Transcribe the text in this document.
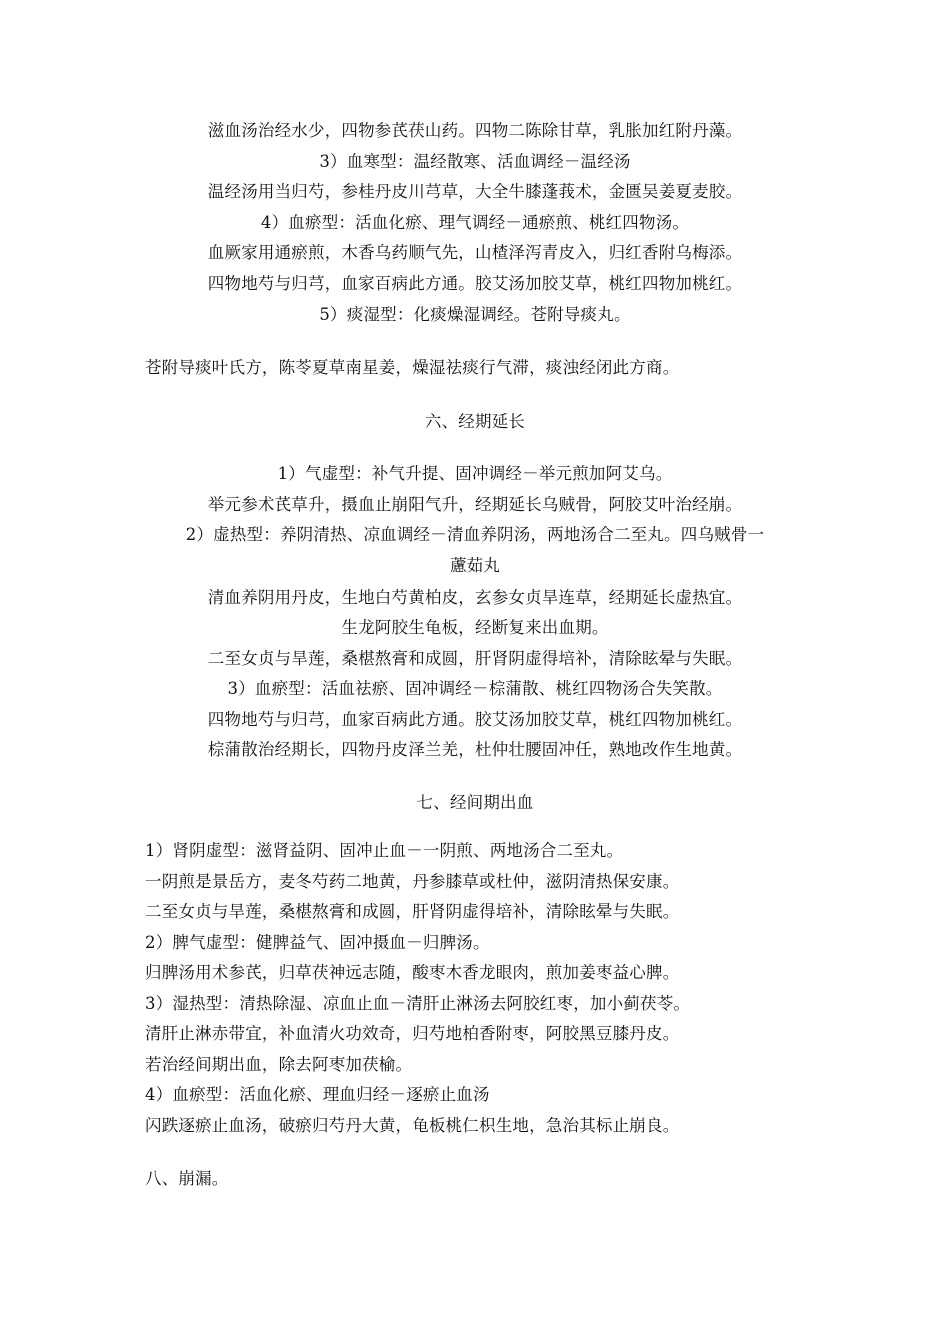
滋血汤治经水少，四物参芪茯山药。四物二陈除甘草，乳胀加红附丹藻。
3）血寒型：温经散寒、活血调经－温经汤
温经汤用当归芍，参桂丹皮川芎草，大全牛膝蓬莪术，金匮吴姜夏麦胶。
4）血瘀型：活血化瘀、理气调经－通瘀煎、桃红四物汤。
血厥家用通瘀煎，木香乌药顺气先，山楂泽泻青皮入，归红香附乌梅添。
四物地芍与归芎，血家百病此方通。胶艾汤加胶艾草，桃红四物加桃红。
5）痰湿型：化痰燥湿调经。苍附导痰丸。
苍附导痰叶氏方，陈苓夏草南星姜，燥湿祛痰行气滞，痰浊经闭此方商。
六、经期延长
1）气虚型：补气升提、固冲调经－举元煎加阿艾乌。
举元参术芪草升，摄血止崩阳气升，经期延长乌贼骨，阿胶艾叶治经崩。
2）虚热型：养阴清热、凉血调经－清血养阴汤，两地汤合二至丸。四乌贼骨一
藘茹丸
清血养阴用丹皮，生地白芍黄柏皮，玄参女贞旱连草，经期延长虚热宜。
生龙阿胶生龟板，经断复来出血期。
二至女贞与旱莲，桑椹熬膏和成圆，肝肾阴虚得培补，清除眩晕与失眠。
3）血瘀型：活血祛瘀、固冲调经－棕蒲散、桃红四物汤合失笑散。
四物地芍与归芎，血家百病此方通。胶艾汤加胶艾草，桃红四物加桃红。
棕蒲散治经期长，四物丹皮泽兰羌，杜仲壮腰固冲任，熟地改作生地黄。
七、经间期出血
1）肾阴虚型：滋肾益阴、固冲止血－一阴煎、两地汤合二至丸。
一阴煎是景岳方，麦冬芍药二地黄，丹参膝草或杜仲，滋阴清热保安康。
二至女贞与旱莲，桑椹熬膏和成圆，肝肾阴虚得培补，清除眩晕与失眠。
2）脾气虚型：健脾益气、固冲摄血－归脾汤。
归脾汤用术参芪，归草茯神远志随，酸枣木香龙眼肉，煎加姜枣益心脾。
3）湿热型：清热除湿、凉血止血－清肝止淋汤去阿胶红枣，加小蓟茯苓。
清肝止淋赤带宜，补血清火功效奇，归芍地柏香附枣，阿胶黑豆膝丹皮。
若治经间期出血，除去阿枣加茯榆。
4）血瘀型：活血化瘀、理血归经－逐瘀止血汤
闪跌逐瘀止血汤，破瘀归芍丹大黄，龟板桃仁枳生地，急治其标止崩良。
八、崩漏。
